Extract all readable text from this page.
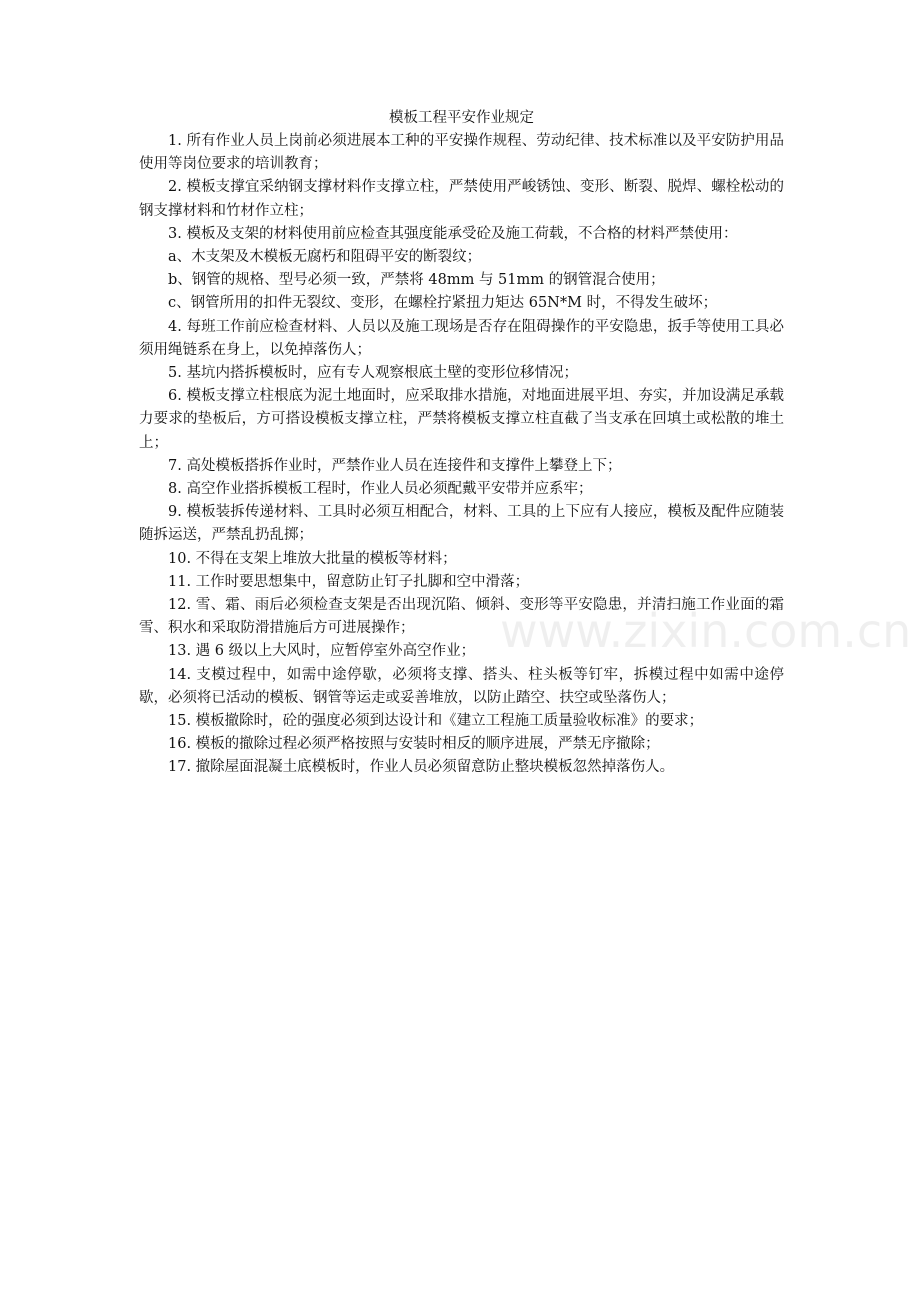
模板工程平安作业规定

1. 所有作业人员上岗前必须进展本工种的平安操作规程、劳动纪律、技术标准以及平安防护用品使用等岗位要求的培训教育；

2. 模板支撑宜采纳钢支撑材料作支撑立柱，严禁使用严峻锈蚀、变形、断裂、脱焊、螺栓松动的钢支撑材料和竹材作立柱；

3. 模板及支架的材料使用前应检查其强度能承受砼及施工荷载，不合格的材料严禁使用：

a、木支架及木模板无腐朽和阻碍平安的断裂纹；

b、钢管的规格、型号必须一致，严禁将 48mm 与 51mm 的钢管混合使用；

c、钢管所用的扣件无裂纹、变形，在螺栓拧紧扭力矩达 65N*M 时，不得发生破坏；

4. 每班工作前应检查材料、人员以及施工现场是否存在阻碍操作的平安隐患，扳手等使用工具必须用绳链系在身上，以免掉落伤人；

5. 基坑内搭拆模板时，应有专人观察根底土壁的变形位移情况；

6. 模板支撑立柱根底为泥土地面时，应采取排水措施，对地面进展平坦、夯实，并加设满足承载力要求的垫板后，方可搭设模板支撑立柱，严禁将模板支撑立柱直截了当支承在回填土或松散的堆土上；

7. 高处模板搭拆作业时，严禁作业人员在连接件和支撑件上攀登上下；

8. 高空作业搭拆模板工程时，作业人员必须配戴平安带并应系牢；

9. 模板装拆传递材料、工具时必须互相配合，材料、工具的上下应有人接应，模板及配件应随装随拆运送，严禁乱扔乱掷；

10. 不得在支架上堆放大批量的模板等材料；

11. 工作时要思想集中，留意防止钉子扎脚和空中滑落；

12. 雪、霜、雨后必须检查支架是否出现沉陷、倾斜、变形等平安隐患，并清扫施工作业面的霜雪、积水和采取防滑措施后方可进展操作；

13. 遇 6 级以上大风时，应暂停室外高空作业；

14. 支模过程中，如需中途停歇，必须将支撑、搭头、柱头板等钉牢，拆模过程中如需中途停歇，必须将已活动的模板、钢管等运走或妥善堆放，以防止踏空、扶空或坠落伤人；

15. 模板撤除时，砼的强度必须到达设计和《建立工程施工质量验收标准》的要求；

16. 模板的撤除过程必须严格按照与安装时相反的顺序进展，严禁无序撤除；

17. 撤除屋面混凝土底模板时，作业人员必须留意防止整块模板忽然掉落伤人。

www.zixin.com.cn
